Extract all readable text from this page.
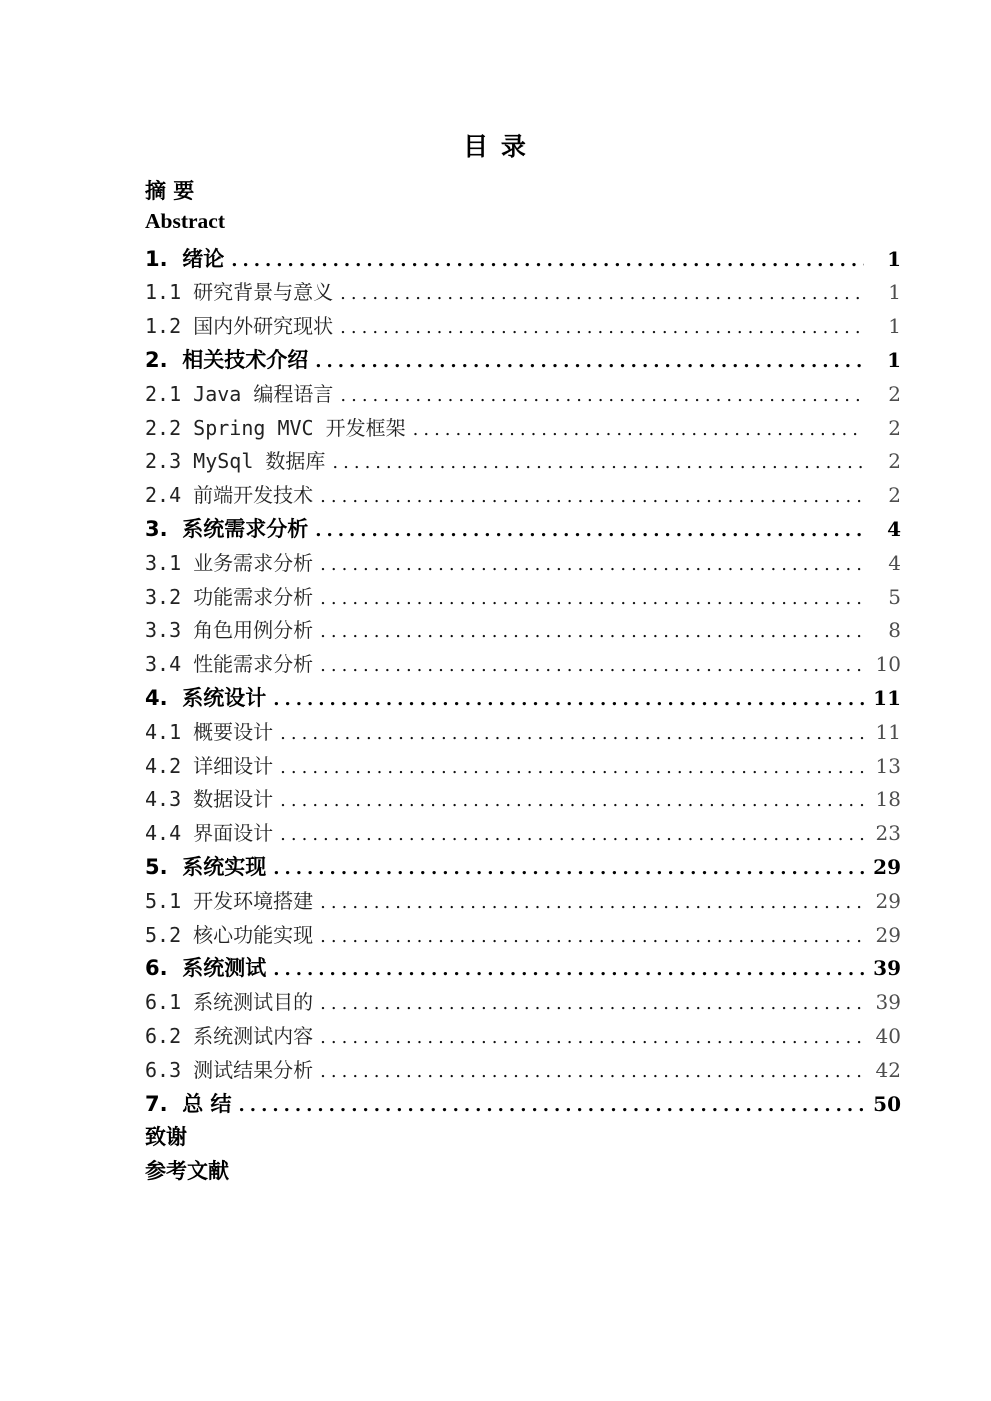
目 录
摘 要
Abstract
1.  绪论 .....	1
1.1 研究背景与意义 .....	1
1.2 国内外研究现状 .....	1
2.  相关技术介绍 .....	1
2.1 Java 编程语言 .....	2
2.2 Spring MVC 开发框架 .....	2
2.3 MySql 数据库 .....	2
2.4 前端开发技术 .....	2
3.  系统需求分析 .....	4
3.1 业务需求分析 .....	4
3.2 功能需求分析 .....	5
3.3 角色用例分析 .....	8
3.4 性能需求分析 .....	10
4.  系统设计 .....	11
4.1 概要设计 .....	11
4.2 详细设计 .....	13
4.3 数据设计 .....	18
4.4 界面设计 .....	23
5.  系统实现 .....	29
5.1 开发环境搭建 .....	29
5.2 核心功能实现 .....	29
6.  系统测试 .....	39
6.1 系统测试目的 .....	39
6.2 系统测试内容 .....	40
6.3 测试结果分析 .....	42
7.  总 结 .....	50
致谢
参考文献
